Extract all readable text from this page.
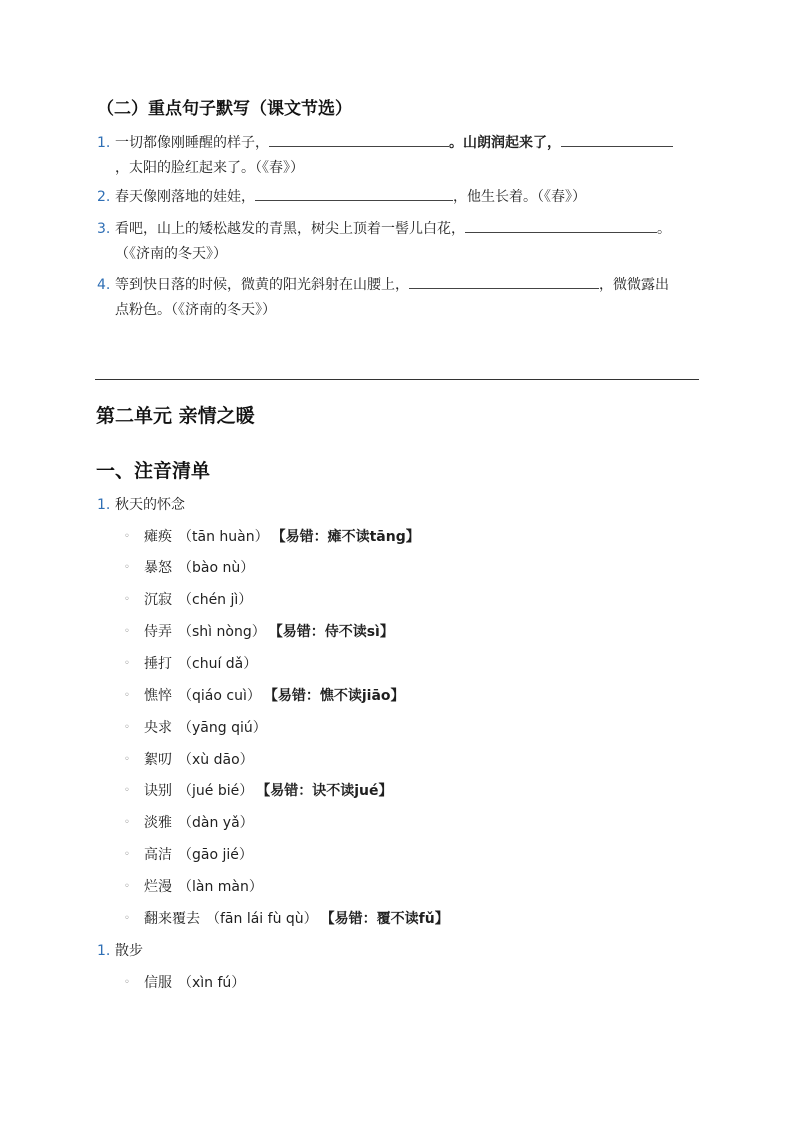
（二）重点句子默写（课文节选）
1. 一切都像刚睡醒的样子，	。山朗润起来了，
，太阳的脸红起来了。（《春》）
2. 春天像刚落地的娃娃，	，他生长着。（《春》）
3. 看吧，山上的矮松越发的青黑，树尖上顶着一髻儿白花，	。
（《济南的冬天》）
4. 等到快日落的时候，微黄的阳光斜射在山腰上，	，微微露出
点粉色。（《济南的冬天》）
第二单元 亲情之暖
一、注音清单
1. 秋天的怀念
◦ 瘫痪 （tān huàn） 【易错：瘫不读tāng】
◦ 暴怒 （bào nù）
◦ 沉寂 （chén jì）
◦ 侍弄 （shì nòng） 【易错：侍不读sì】
◦ 捶打 （chuí dǎ）
◦ 憔悴 （qiáo cuì） 【易错：憔不读jiāo】
◦ 央求 （yāng qiú）
◦ 絮叨 （xù dāo）
◦ 诀别 （jué bié） 【易错：诀不读jué】
◦ 淡雅 （dàn yǎ）
◦ 高洁 （gāo jié）
◦ 烂漫 （làn màn）
◦ 翻来覆去 （fān lái fù qù） 【易错：覆不读fǔ】
1. 散步
◦ 信服 （xìn fú）
